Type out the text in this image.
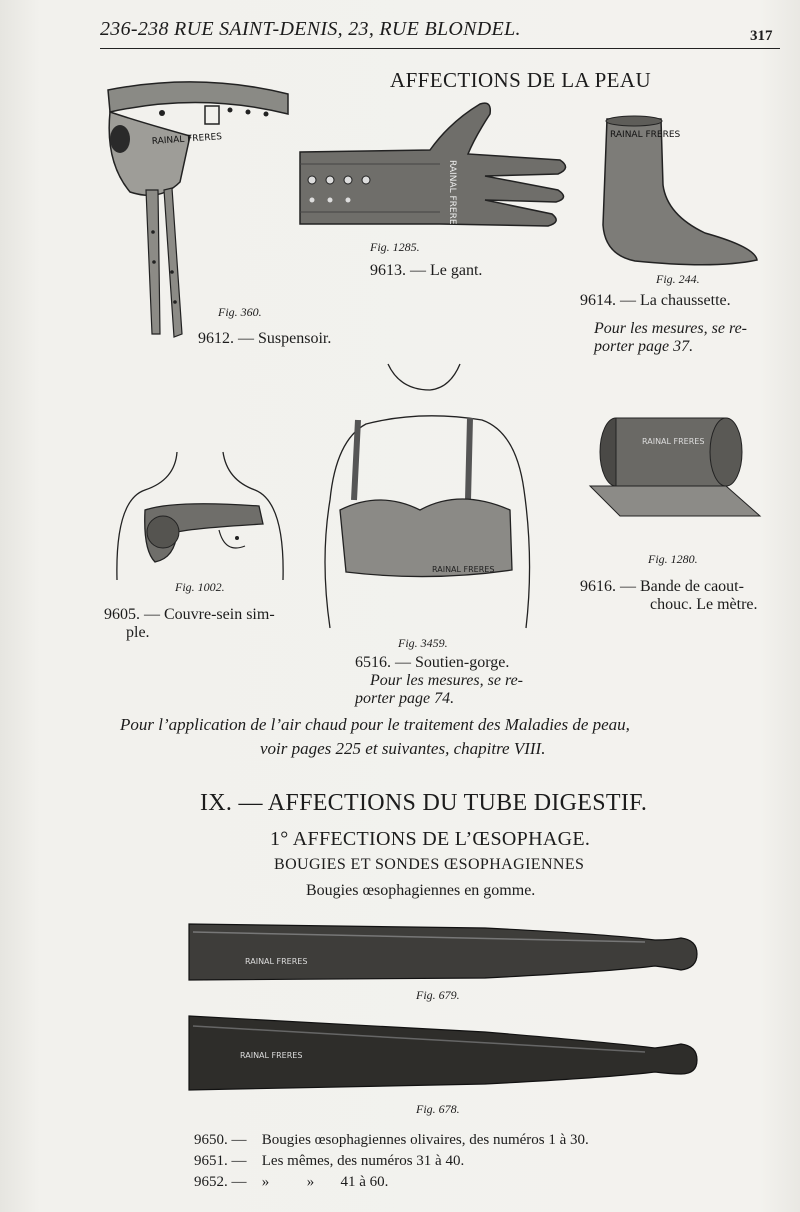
236-238 RUE SAINT-DENIS, 23, RUE BLONDEL.	317
AFFECTIONS DE LA PEAU
RAINAL FRERES
RAINAL FRERES
RAINAL FRERES
Fig. 1285.
9613. — Le gant.	Fig. 244.
9614. — La chaussette.
Pour les mesures, se re-
porter page 37.
Fig. 360.
9612. — Suspensoir.
RAINAL FRERES
RAINAL FRERES
Fig. 1002.
9605. — Couvre-sein sim-
ple.
Fig. 3459.
6516. — Soutien-gorge.
Pour les mesures, se re-
porter page 74.
Fig. 1280.
9616. — Bande de caout-
chouc. Le mètre.
Pour l’application de l’air chaud pour le traitement des Maladies de peau,
voir pages 225 et suivantes, chapitre VIII.
IX. — AFFECTIONS DU TUBE DIGESTIF.
1° AFFECTIONS DE L’ŒSOPHAGE.
BOUGIES ET SONDES ŒSOPHAGIENNES
Bougies œsophagiennes en gomme.
RAINAL FRERES
Fig. 679.
RAINAL FRERES
Fig. 678.
9650. — Bougies œsophagiennes olivaires, des numéros 1 à 30.
9651. — Les mêmes, des numéros 31 à 40.
9652. — »          »       41 à 60.
